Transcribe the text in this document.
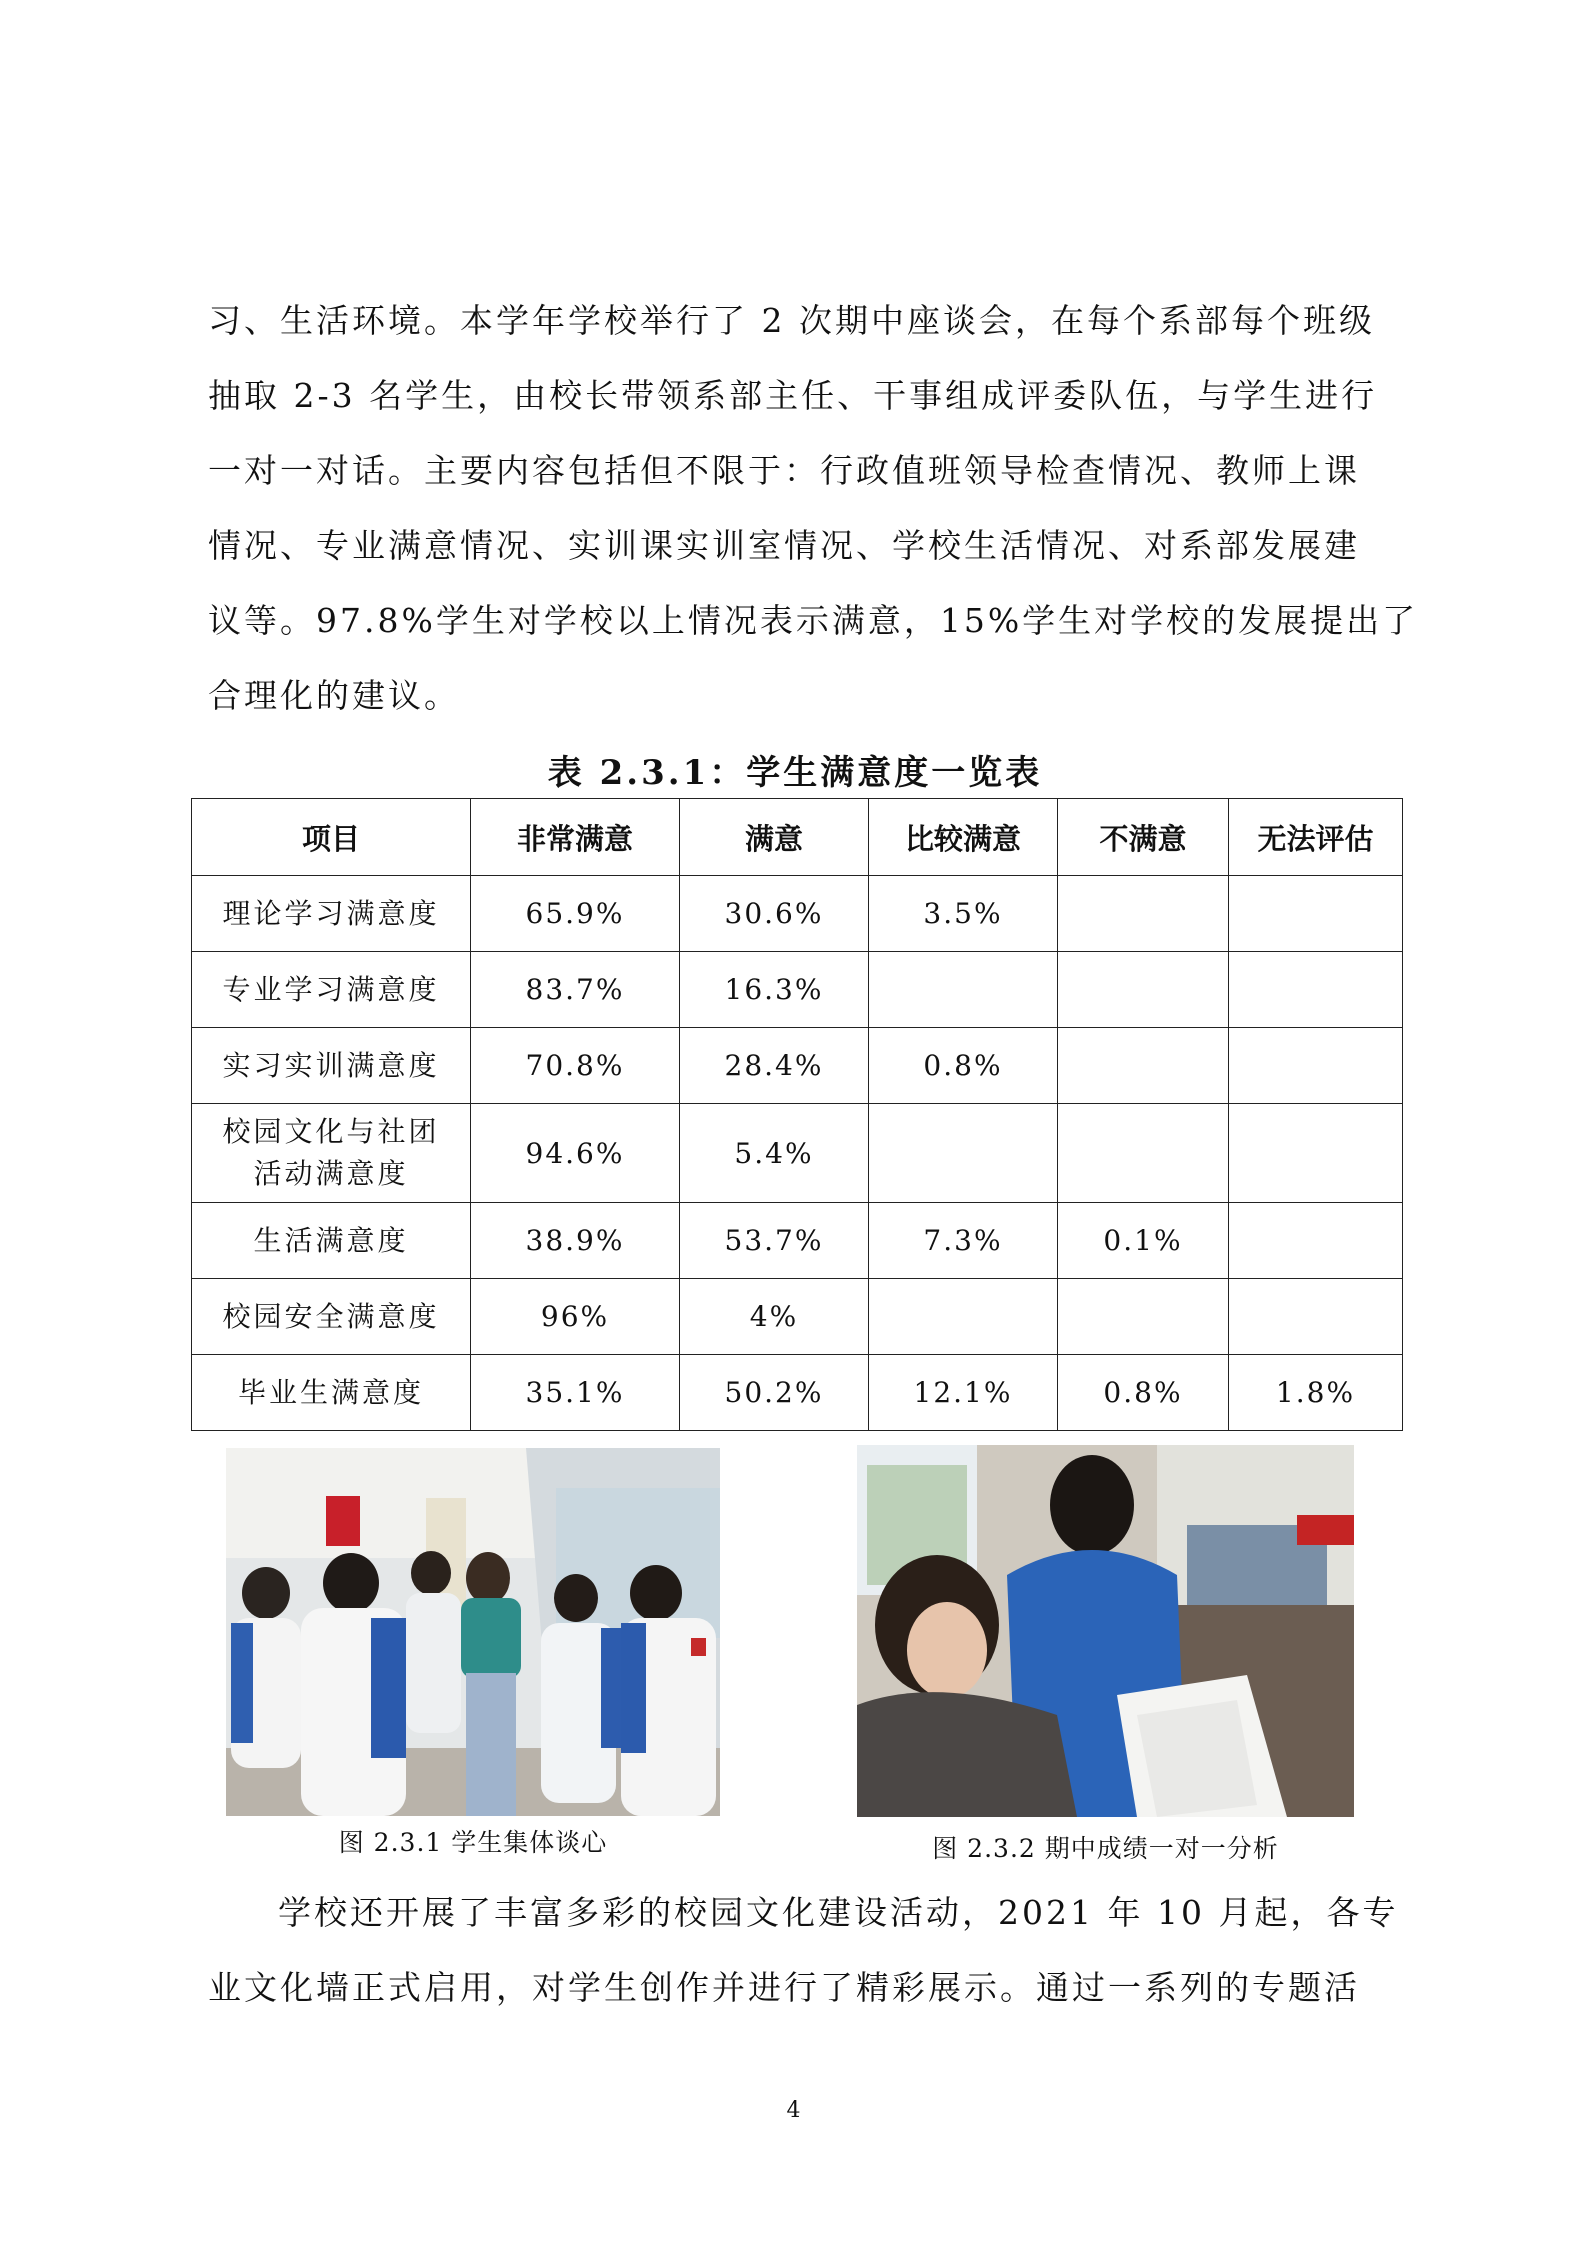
习、生活环境。本学年学校举行了 2 次期中座谈会，在每个系部每个班级
抽取 2-3 名学生，由校长带领系部主任、干事组成评委队伍，与学生进行
一对一对话。主要内容包括但不限于：行政值班领导检查情况、教师上课
情况、专业满意情况、实训课实训室情况、学校生活情况、对系部发展建
议等。97.8%学生对学校以上情况表示满意，15%学生对学校的发展提出了
合理化的建议。

表 2.3.1：学生满意度一览表
项目	非常满意	满意	比较满意	不满意	无法评估
理论学习满意度	65.9%	30.6%	3.5%		
专业学习满意度	83.7%	16.3%			
实习实训满意度	70.8%	28.4%	0.8%		
校园文化与社团
活动满意度	94.6%	5.4%			
生活满意度	38.9%	53.7%	7.3%	0.1%	
校园安全满意度	96%	4%			
毕业生满意度	35.1%	50.2%	12.1%	0.8%	1.8%
图 2.3.1 学生集体谈心	图 2.3.2 期中成绩一对一分析

学校还开展了丰富多彩的校园文化建设活动，2021 年 10 月起，各专
业文化墙正式启用，对学生创作并进行了精彩展示。通过一系列的专题活

4
